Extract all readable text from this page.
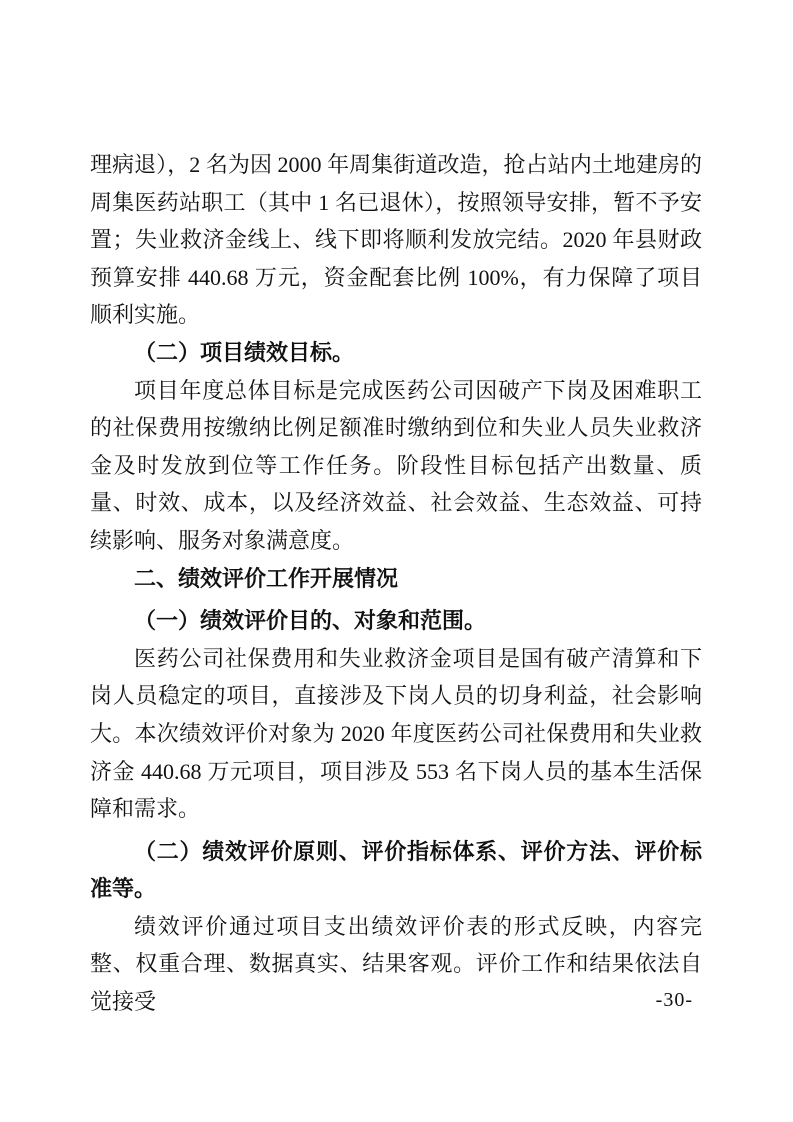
理病退），2 名为因 2000 年周集街道改造，抢占站内土地建房的周集医药站职工（其中 1 名已退休），按照领导安排，暂不予安置；失业救济金线上、线下即将顺利发放完结。2020 年县财政预算安排 440.68 万元，资金配套比例 100%，有力保障了项目顺利实施。

（二）项目绩效目标。

项目年度总体目标是完成医药公司因破产下岗及困难职工的社保费用按缴纳比例足额准时缴纳到位和失业人员失业救济金及时发放到位等工作任务。阶段性目标包括产出数量、质量、时效、成本，以及经济效益、社会效益、生态效益、可持续影响、服务对象满意度。

二、绩效评价工作开展情况

（一）绩效评价目的、对象和范围。

医药公司社保费用和失业救济金项目是国有破产清算和下岗人员稳定的项目，直接涉及下岗人员的切身利益，社会影响大。本次绩效评价对象为 2020 年度医药公司社保费用和失业救济金 440.68 万元项目，项目涉及 553 名下岗人员的基本生活保障和需求。

（二）绩效评价原则、评价指标体系、评价方法、评价标准等。

绩效评价通过项目支出绩效评价表的形式反映，内容完整、权重合理、数据真实、结果客观。评价工作和结果依法自觉接受	-30-
